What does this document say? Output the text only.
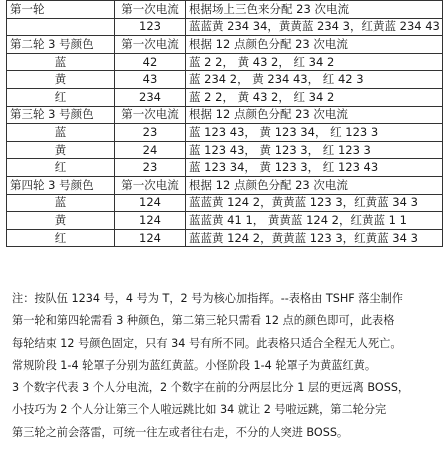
第一轮	第一次电流	根据场上三色来分配 23 次电流
	123	蓝蓝黄 234 34，黄黄蓝 234 3，红黄蓝 234 43
第二轮 3 号颜色	第一次电流	根据 12 点颜色分配 23 次电流
蓝	42	蓝 2 2， 黄 43 2， 红 34 2
黄	43	蓝 234 2， 黄 234 43， 红 42 3
红	234	蓝 2 2， 黄 43 2， 红 34 2
第三轮 3 号颜色	第一次电流	根据 12 点颜色分配 23 次电流
蓝	23	蓝 123 43， 黄 123 34， 红 123 3
黄	24	蓝 123 43， 黄 123 3， 红 123 3
红	23	蓝 123 34， 黄 123 3， 红 123 43
第四轮 3 号颜色	第一次电流	根据 12 点颜色分配 23 次电流
蓝	124	蓝蓝黄 124 2，黄黄蓝 123 3，红黄蓝 34 3
黄	124	蓝蓝黄 41 1， 黄黄蓝 124 2，红黄蓝 1 1
红	124	蓝蓝黄 124 2，黄黄蓝 123 3，红黄蓝 34 3
注：按队伍 1234 号，4 号为 T，2 号为核心加指挥。--表格由 TSHF 落尘制作
第一轮和第四轮需看 3 种颜色，第二第三轮只需看 12 点的颜色即可，此表格
每轮结束 12 号颜色固定，只有 34 号有所不同。此表格只适合全程无人死亡。
常规阶段 1-4 轮罩子分别为蓝红黄蓝。小怪阶段 1-4 轮罩子为黄蓝红黄。
3 个数字代表 3 个人分电流，2 个数字在前的分两层比分 1 层的更远离 BOSS，
小技巧为 2 个人分让第三个人啦远跳比如 34 就让 2 号啦远跳，第二轮分完
第三轮之前会落雷，可统一往左或者往右走，不分的人突进 BOSS。
